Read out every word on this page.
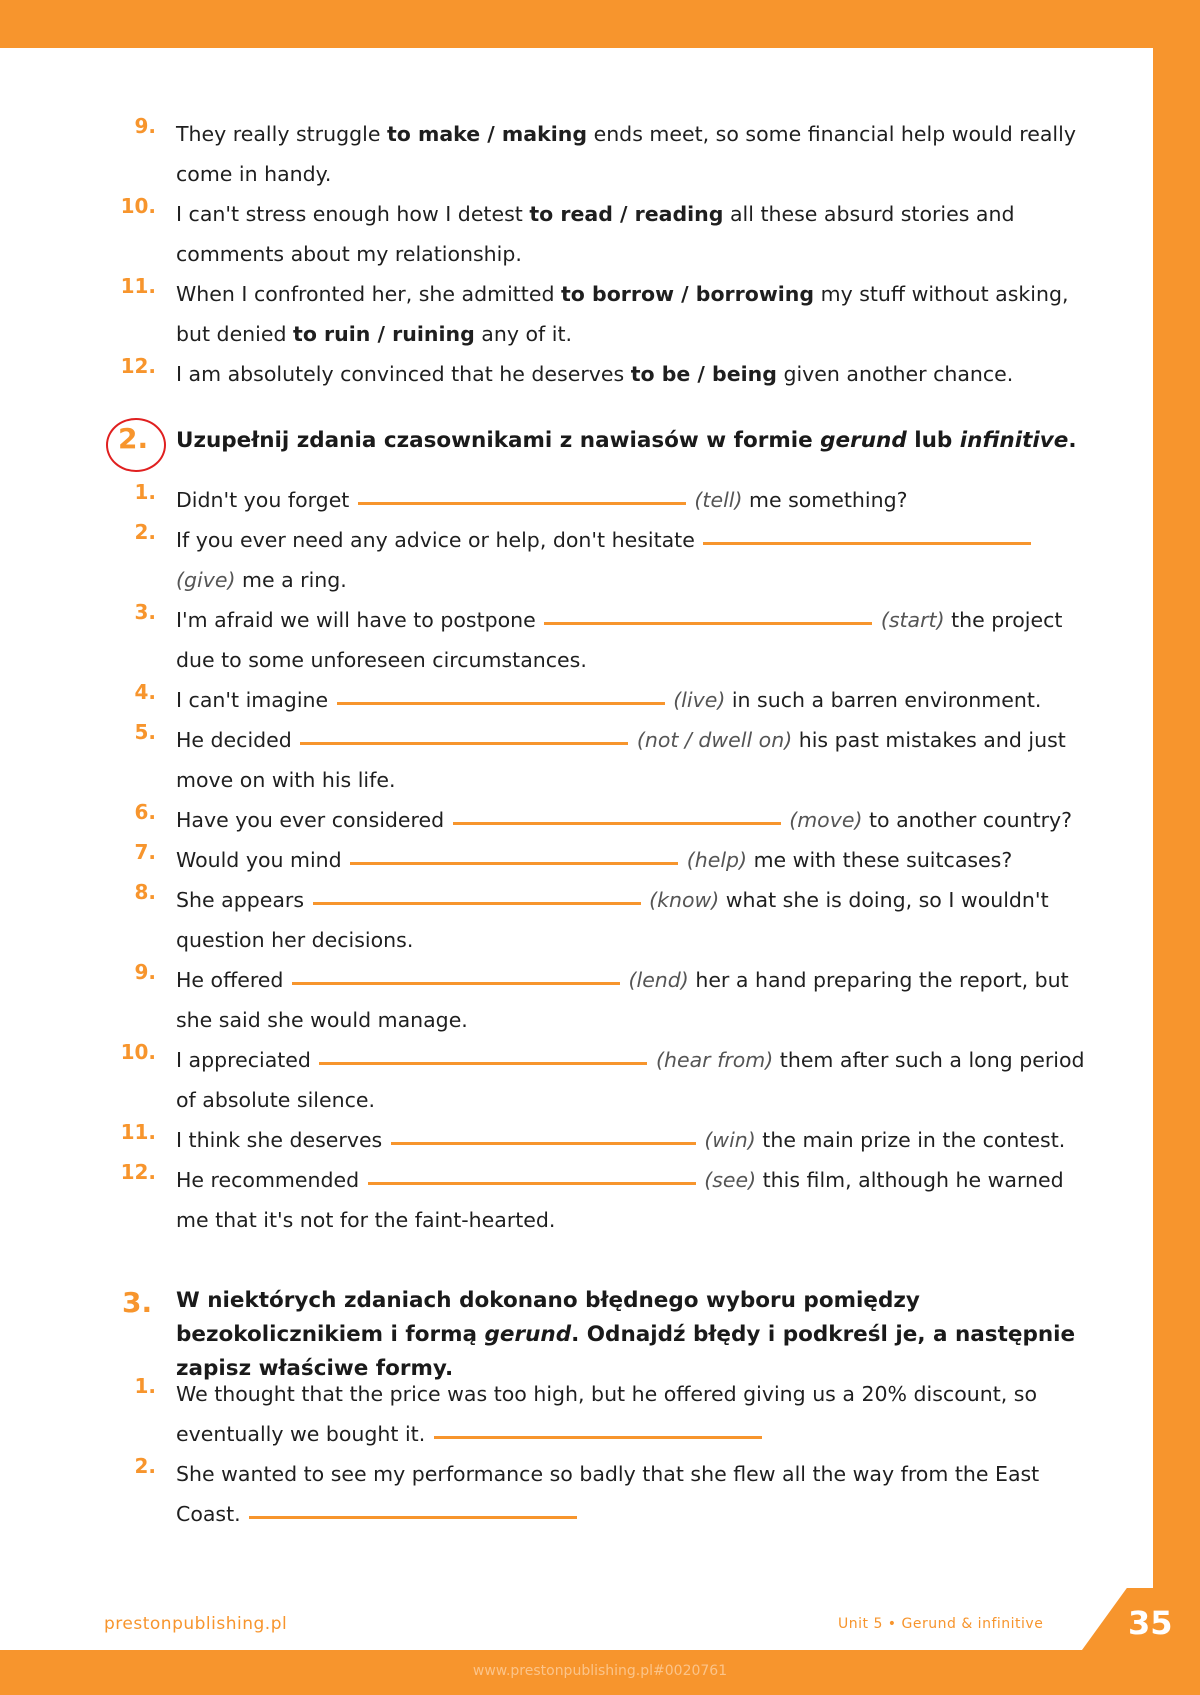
9. They really struggle to make / making ends meet, so some financial help would really come in handy.
10. I can't stress enough how I detest to read / reading all these absurd stories and comments about my relationship.
11. When I confronted her, she admitted to borrow / borrowing my stuff without asking, but denied to ruin / ruining any of it.
12. I am absolutely convinced that he deserves to be / being given another chance.
2. Uzupełnij zdania czasownikami z nawiasów w formie gerund lub infinitive.
1. Didn't you forget	(tell) me something?
2. If you ever need any advice or help, don't hesitate
(give) me a ring.
3. I'm afraid we will have to postpone	(start) the project due to some unforeseen circumstances.
4. I can't imagine	(live) in such a barren environment.
5. He decided	(not / dwell on) his past mistakes and just move on with his life.
6. Have you ever considered	(move) to another country?
7. Would you mind	(help) me with these suitcases?
8. She appears	(know) what she is doing, so I wouldn't question her decisions.
9. He offered	(lend) her a hand preparing the report, but she said she would manage.
10. I appreciated	(hear from) them after such a long period of absolute silence.
11. I think she deserves	(win) the main prize in the contest.
12. He recommended	(see) this film, although he warned me that it's not for the faint-hearted.
3. W niektórych zdaniach dokonano błędnego wyboru pomiędzy bezokolicznikiem i formą gerund. Odnajdź błędy i podkreśl je, a następnie zapisz właściwe formy.
1. We thought that the price was too high, but he offered giving us a 20% discount, so eventually we bought it.
2. She wanted to see my performance so badly that she flew all the way from the East Coast.
prestonpublishing.pl	Unit 5 • Gerund & infinitive	35
www.prestonpublishing.pl#0020761
